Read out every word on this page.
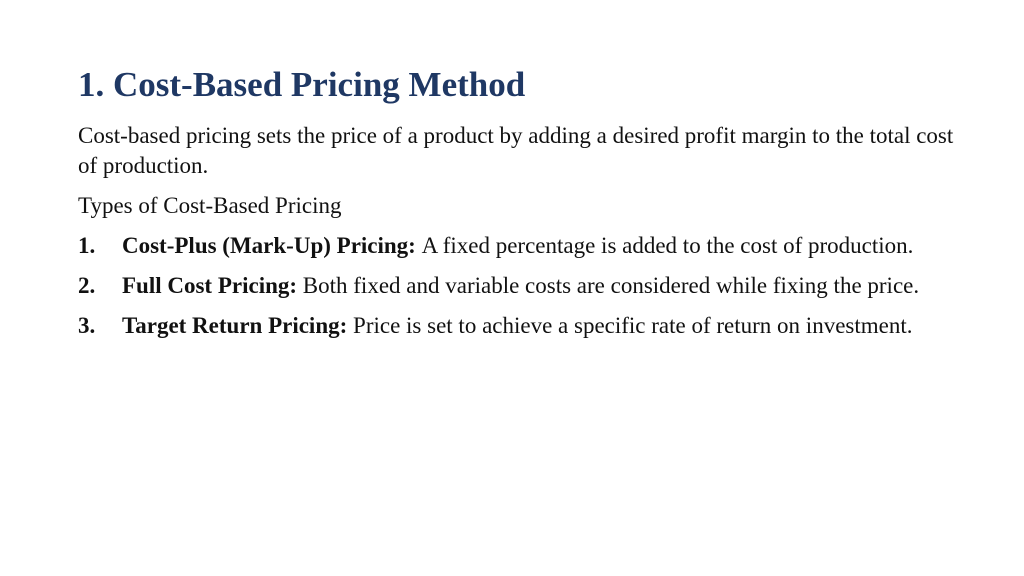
1. Cost-Based Pricing Method

Cost-based pricing sets the price of a product by adding a desired profit margin to the total cost of production.

Types of Cost-Based Pricing

1. Cost-Plus (Mark-Up) Pricing: A fixed percentage is added to the cost of production.
2. Full Cost Pricing: Both fixed and variable costs are considered while fixing the price.
3. Target Return Pricing: Price is set to achieve a specific rate of return on investment.
